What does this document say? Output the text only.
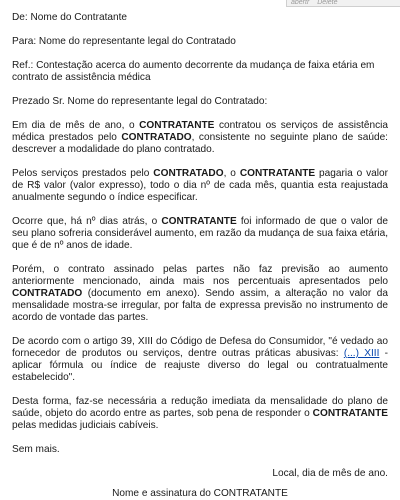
abertr Delete

De: Nome do Contratante

Para: Nome do representante legal do Contratado

Ref.: Contestação acerca do aumento decorrente da mudança de faixa etária em contrato de assistência médica

Prezado Sr. Nome do representante legal do Contratado:

Em dia de mês de ano, o CONTRATANTE contratou os serviços de assistência médica prestados pelo CONTRATADO, consistente no seguinte plano de saúde: descrever a modalidade do plano contratado.

Pelos serviços prestados pelo CONTRATADO, o CONTRATANTE pagaria o valor de R$ valor (valor expresso), todo o dia nº de cada mês, quantia esta reajustada anualmente segundo o índice especificar.

Ocorre que, há nº dias atrás, o CONTRATANTE foi informado de que o valor de seu plano sofreria considerável aumento, em razão da mudança de sua faixa etária, que é de nº anos de idade.

Porém, o contrato assinado pelas partes não faz previsão ao aumento anteriormente mencionado, ainda mais nos percentuais apresentados pelo CONTRATADO (documento em anexo). Sendo assim, a alteração no valor da mensalidade mostra-se irregular, por falta de expressa previsão no instrumento de acordo de vontade das partes.

De acordo com o artigo 39, XIII do Código de Defesa do Consumidor, "é vedado ao fornecedor de produtos ou serviços, dentre outras práticas abusivas: (...) XIII - aplicar fórmula ou índice de reajuste diverso do legal ou contratualmente estabelecido".

Desta forma, faz-se necessária a redução imediata da mensalidade do plano de saúde, objeto do acordo entre as partes, sob pena de responder o CONTRATANTE pelas medidas judiciais cabíveis.

Sem mais.

Local, dia de mês de ano.

Nome e assinatura do CONTRATANTE
